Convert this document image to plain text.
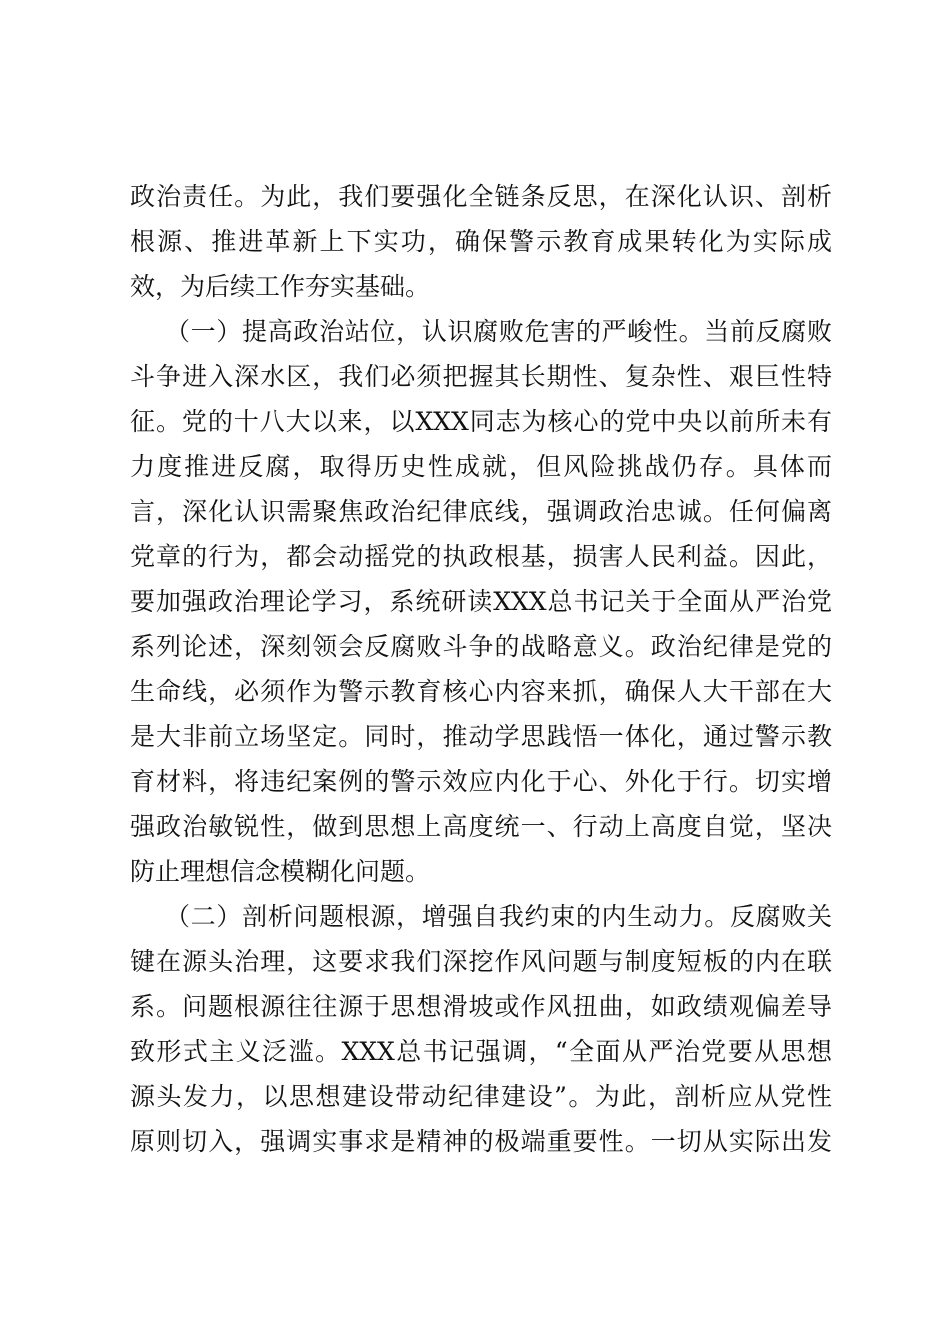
政治责任。为此，我们要强化全链条反思，在深化认识、剖析
根源、推进革新上下实功，确保警示教育成果转化为实际成
效，为后续工作夯实基础。
（一）提高政治站位，认识腐败危害的严峻性。当前反腐败
斗争进入深水区，我们必须把握其长期性、复杂性、艰巨性特
征。党的十八大以来，以XXX同志为核心的党中央以前所未有
力度推进反腐，取得历史性成就，但风险挑战仍存。具体而
言，深化认识需聚焦政治纪律底线，强调政治忠诚。任何偏离
党章的行为，都会动摇党的执政根基，损害人民利益。因此，
要加强政治理论学习，系统研读XXX总书记关于全面从严治党
系列论述，深刻领会反腐败斗争的战略意义。政治纪律是党的
生命线，必须作为警示教育核心内容来抓，确保人大干部在大
是大非前立场坚定。同时，推动学思践悟一体化，通过警示教
育材料，将违纪案例的警示效应内化于心、外化于行。切实增
强政治敏锐性，做到思想上高度统一、行动上高度自觉，坚决
防止理想信念模糊化问题。
（二）剖析问题根源，增强自我约束的内生动力。反腐败关
键在源头治理，这要求我们深挖作风问题与制度短板的内在联
系。问题根源往往源于思想滑坡或作风扭曲，如政绩观偏差导
致形式主义泛滥。XXX总书记强调，“全面从严治党要从思想
源头发力，以思想建设带动纪律建设”。为此，剖析应从党性
原则切入，强调实事求是精神的极端重要性。一切从实际出发
